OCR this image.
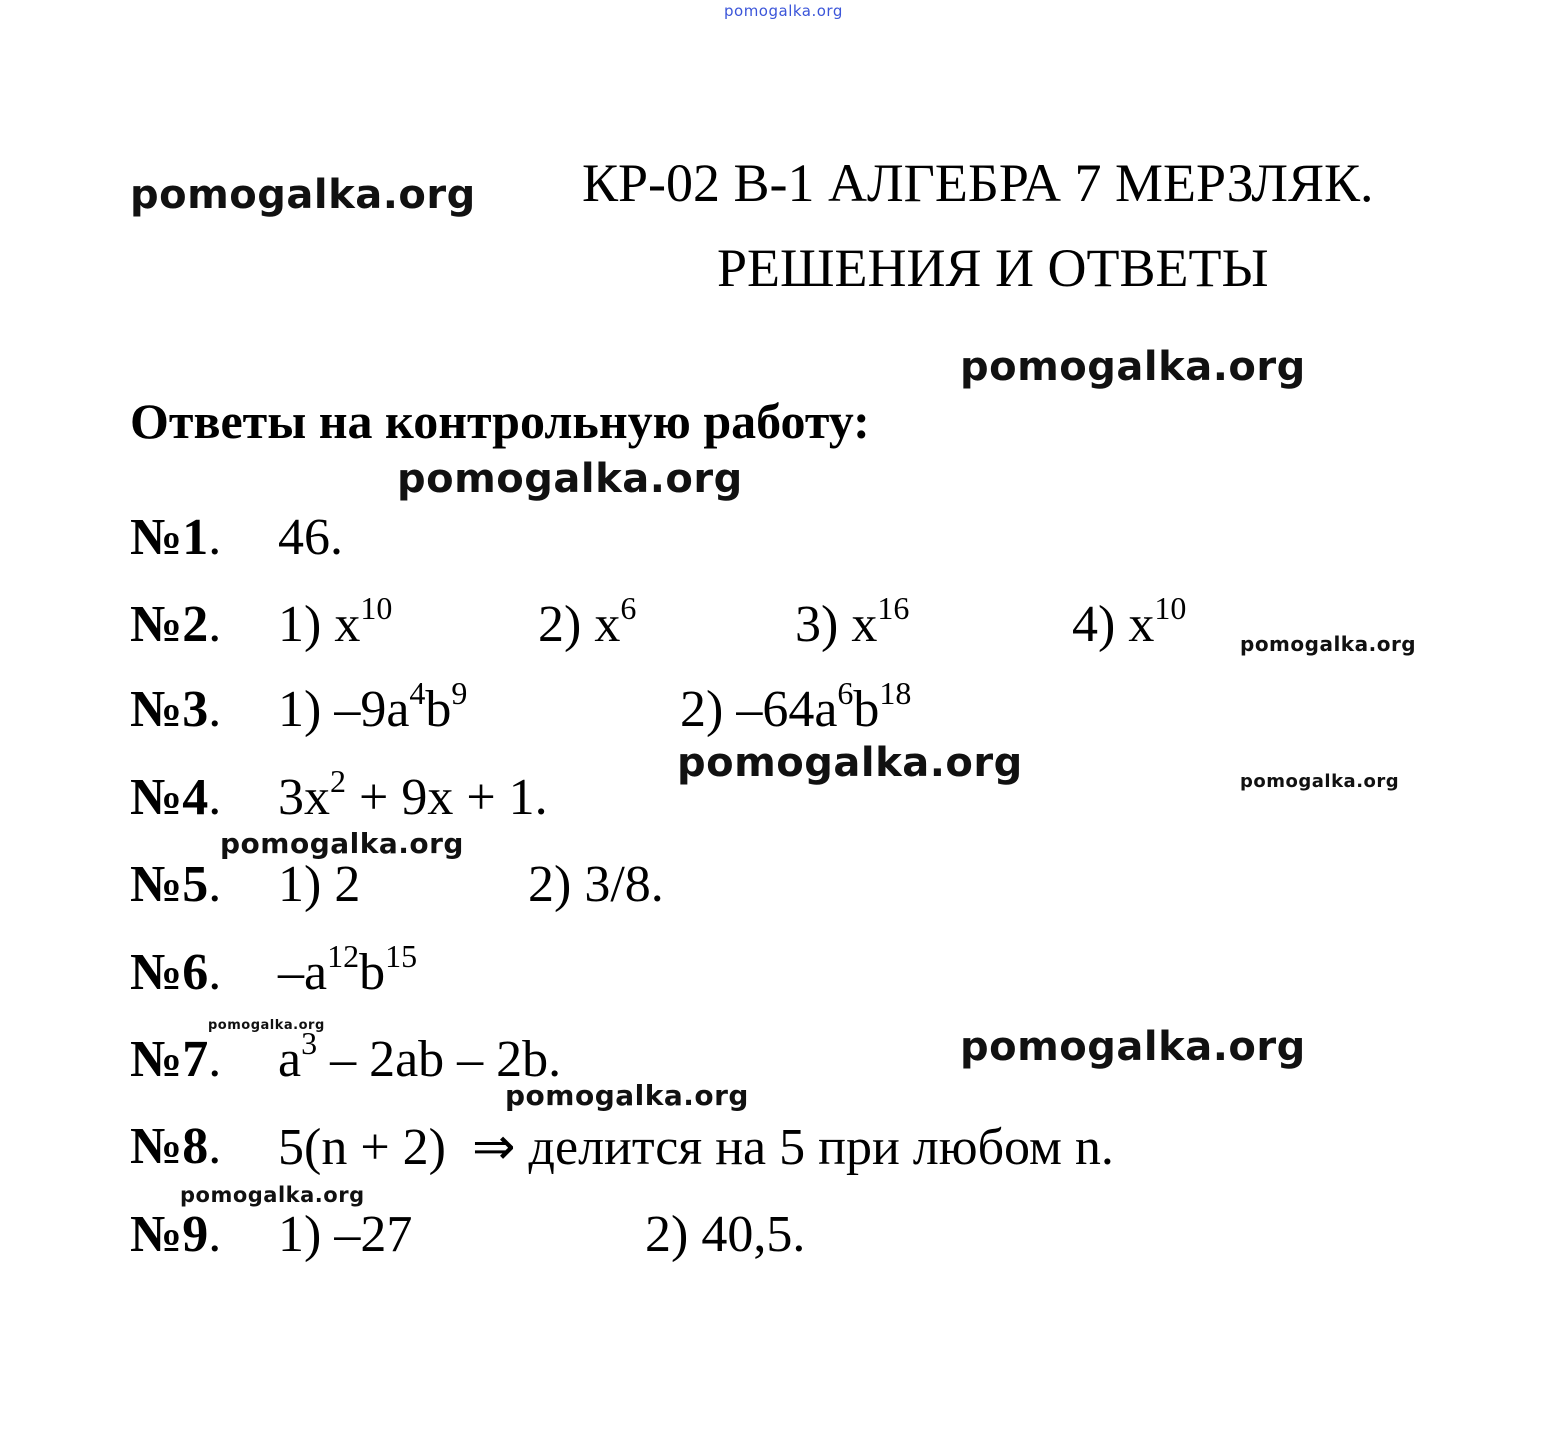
pomogalka.org
pomogalka.org
pomogalka.org
pomogalka.org
pomogalka.org
pomogalka.org	pomogalka.org
pomogalka.org
pomogalka.org	pomogalka.org
pomogalka.org
pomogalka.org
КР-02 В-1 АЛГЕБРА 7 МЕРЗЛЯК.
РЕШЕНИЯ И ОТВЕТЫ
Ответы на контрольную работу:
№1. 46.
№2. 1) $x^{10}$	2) $x^6$	3) $x^{16}$	4) $x^{10}$
№3. 1) $-9a^4b^9$	2) $-64a^6b^{18}$
№4. $3x^2 + 9x + 1$.
№5. 1) 2	2) 3/8.
№6. $-a^{12}b^{15}$
№7. $a^3 - 2ab - 2b$.
№8. 5(n + 2)  ⇒ делится на 5 при любом n.
№9. 1) –27	2) 40,5.
